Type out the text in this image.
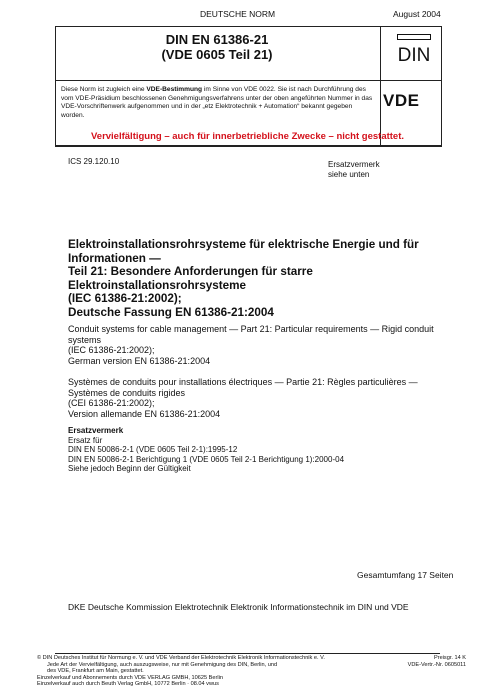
DEUTSCHE NORM	August 2004
DIN EN 61386-21
(VDE 0605 Teil 21)	DIN
VDE
Diese Norm ist zugleich eine VDE-Bestimmung im Sinne von VDE 0022. Sie ist nach Durchführung des vom VDE-Präsidium beschlossenen Genehmigungsverfahrens unter der oben angeführten Nummer in das VDE-Vorschriftenwerk aufgenommen und in der „etz Elektrotechnik + Automation“ bekannt gegeben worden.
Vervielfältigung – auch für innerbetriebliche Zwecke – nicht gestattet.
ICS 29.120.10	Ersatzvermerk
siehe unten
Elektroinstallationsrohrsysteme für elektrische Energie und für
Informationen —
Teil 21: Besondere Anforderungen für starre
Elektroinstallationsrohrsysteme
(IEC 61386-21:2002);
Deutsche Fassung EN 61386-21:2004
Conduit systems for cable management — Part 21: Particular requirements — Rigid conduit
systems
(IEC 61386-21:2002);
German version EN 61386-21:2004
Systèmes de conduits pour installations électriques — Partie 21: Règles particulières —
Systèmes de conduits rigides
(CEI 61386-21:2002);
Version allemande EN 61386-21:2004
Ersatzvermerk
Ersatz für
DIN EN 50086-2-1 (VDE 0605 Teil 2-1):1995-12
DIN EN 50086-2-1 Berichtigung 1 (VDE 0605 Teil 2-1 Berichtigung 1):2000-04
Siehe jedoch Beginn der Gültigkeit
Gesamtumfang 17 Seiten
DKE Deutsche Kommission Elektrotechnik Elektronik Informationstechnik im DIN und VDE
© DIN Deutsches Institut für Normung e. V. und VDE Verband der Elektrotechnik Elektronik Informationstechnik e. V.
Jede Art der Vervielfältigung, auch auszugsweise, nur mit Genehmigung des DIN, Berlin, und
des VDE, Frankfurt am Main, gestattet.
Einzelverkauf und Abonnements durch VDE VERLAG GMBH, 10625 Berlin
Einzelverkauf auch durch Beuth Verlag GmbH, 10772 Berlin · 08.04 vwus
Preisgr. 14 K
VDE-Vertr.-Nr. 0605011
